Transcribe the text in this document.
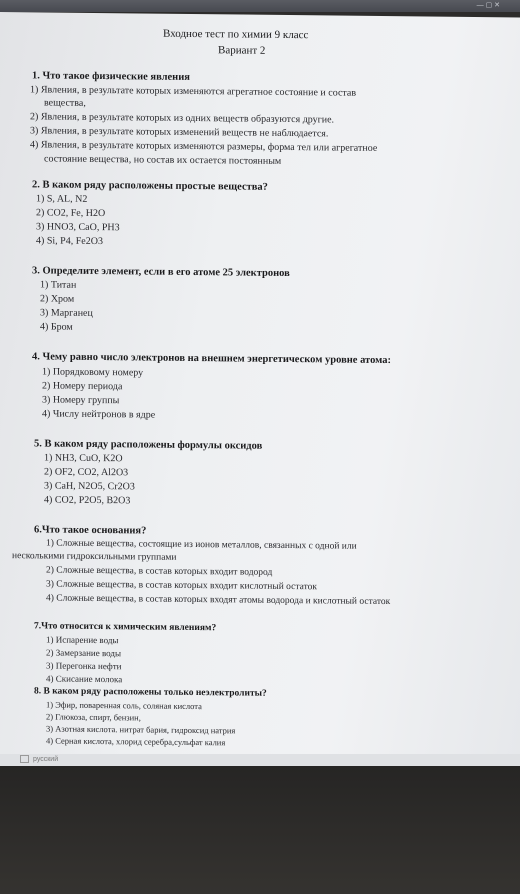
— ▢ ✕
Входное тест по химии 9 класс
Вариант 2
1. Что такое физические явления
1) Явления, в результате которых изменяются агрегатное состояние и состав
вещества,
2) Явления, в результате которых из одних веществ образуются другие.
3) Явления, в результате которых изменений веществ не наблюдается.
4) Явления, в результате которых изменяются размеры, форма тел или агрегатное
состояние вещества, но состав их остается постоянным
2. В каком ряду расположены простые вещества?
1) S, AL, N2
2) CO2, Fe, H2O
3) HNO3, CaO, PH3
4) Si, P4, Fe2O3
3. Определите элемент, если в его атоме 25 электронов
1) Титан
2) Хром
3) Марганец
4) Бром
4. Чему равно число электронов на внешнем энергетическом уровне атома:
1) Порядковому номеру
2) Номеру периода
3) Номеру группы
4) Числу нейтронов в ядре
5. В каком ряду расположены формулы оксидов
1) NH3, CuO, K2O
2) OF2, CO2, Al2O3
3) CaH, N2O5, Cr2O3
4) CO2, P2O5, B2O3
6.Что такое основания?
1) Сложные вещества, состоящие из ионов металлов, связанных с одной или
несколькими гидроксильными группами
2) Сложные вещества, в состав которых входит водород
3) Сложные вещества, в состав которых входит кислотный остаток
4) Сложные вещества, в состав которых входят атомы водорода и кислотный остаток
7.Что относится к химическим явлениям?
1) Испарение воды
2) Замерзание воды
3) Перегонка нефти
4) Скисание молока
8. В каком ряду расположены только неэлектролиты?
1) Эфир, поваренная соль, соляная кислота
2) Глюкоза, спирт, бензин,
3) Азотная кислота. нитрат бария, гидроксид натрия
4) Серная кислота, хлорид серебра,сульфат калия
русский
